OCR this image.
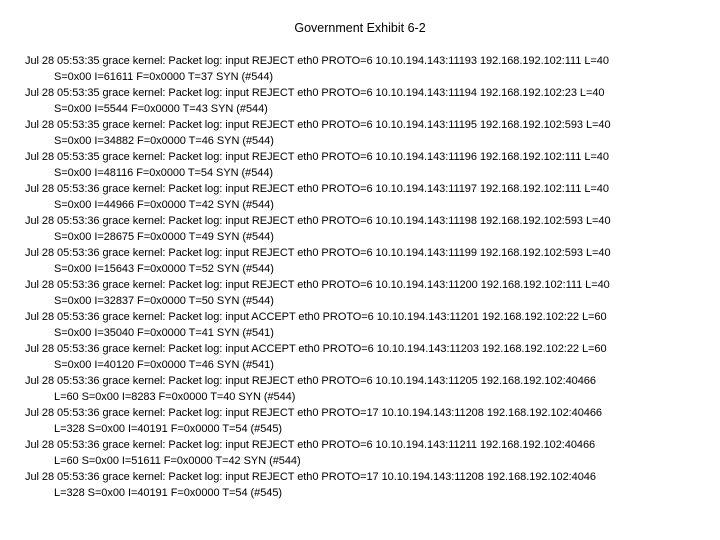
Government Exhibit 6-2
Jul 28 05:53:35 grace kernel: Packet log: input REJECT eth0 PROTO=6 10.10.194.143:11193 192.168.192.102:111 L=40
S=0x00 I=61611 F=0x0000 T=37 SYN (#544)
Jul 28 05:53:35 grace kernel: Packet log: input REJECT eth0 PROTO=6 10.10.194.143:11194 192.168.192.102:23 L=40
S=0x00 I=5544 F=0x0000 T=43 SYN (#544)
Jul 28 05:53:35 grace kernel: Packet log: input REJECT eth0 PROTO=6 10.10.194.143:11195 192.168.192.102:593 L=40
S=0x00 I=34882 F=0x0000 T=46 SYN (#544)
Jul 28 05:53:35 grace kernel: Packet log: input REJECT eth0 PROTO=6 10.10.194.143:11196 192.168.192.102:111 L=40
S=0x00 I=48116 F=0x0000 T=54 SYN (#544)
Jul 28 05:53:36 grace kernel: Packet log: input REJECT eth0 PROTO=6 10.10.194.143:11197 192.168.192.102:111 L=40
S=0x00 I=44966 F=0x0000 T=42 SYN (#544)
Jul 28 05:53:36 grace kernel: Packet log: input REJECT eth0 PROTO=6 10.10.194.143:11198 192.168.192.102:593 L=40
S=0x00 I=28675 F=0x0000 T=49 SYN (#544)
Jul 28 05:53:36 grace kernel: Packet log: input REJECT eth0 PROTO=6 10.10.194.143:11199 192.168.192.102:593 L=40
S=0x00 I=15643 F=0x0000 T=52 SYN (#544)
Jul 28 05:53:36 grace kernel: Packet log: input REJECT eth0 PROTO=6 10.10.194.143:11200 192.168.192.102:111 L=40
S=0x00 I=32837 F=0x0000 T=50 SYN (#544)
Jul 28 05:53:36 grace kernel: Packet log: input ACCEPT eth0 PROTO=6 10.10.194.143:11201 192.168.192.102:22 L=60
S=0x00 I=35040 F=0x0000 T=41 SYN (#541)
Jul 28 05:53:36 grace kernel: Packet log: input ACCEPT eth0 PROTO=6 10.10.194.143:11203 192.168.192.102:22 L=60
S=0x00 I=40120 F=0x0000 T=46 SYN (#541)
Jul 28 05:53:36 grace kernel: Packet log: input REJECT eth0 PROTO=6 10.10.194.143:11205 192.168.192.102:40466
L=60 S=0x00 I=8283 F=0x0000 T=40 SYN (#544)
Jul 28 05:53:36 grace kernel: Packet log: input REJECT eth0 PROTO=17 10.10.194.143:11208 192.168.192.102:40466
L=328 S=0x00 I=40191 F=0x0000 T=54 (#545)
Jul 28 05:53:36 grace kernel: Packet log: input REJECT eth0 PROTO=6 10.10.194.143:11211 192.168.192.102:40466
L=60 S=0x00 I=51611 F=0x0000 T=42 SYN (#544)
Jul 28 05:53:36 grace kernel: Packet log: input REJECT eth0 PROTO=17 10.10.194.143:11208 192.168.192.102:4046
L=328 S=0x00 I=40191 F=0x0000 T=54 (#545)
